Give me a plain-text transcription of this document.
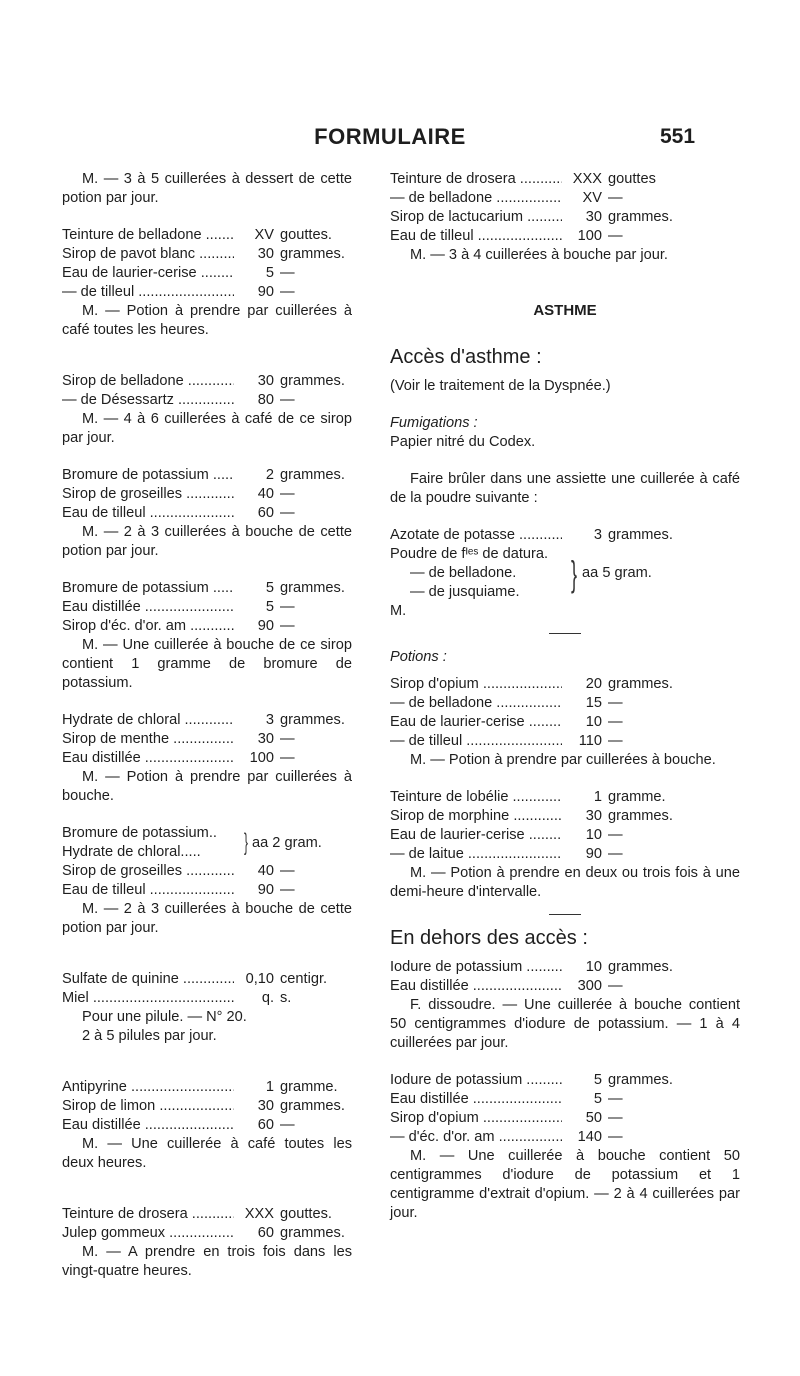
FORMULAIRE	551
M. — 3 à 5 cuillerées à dessert de cette potion par jour.
Teinture de belladone .....	XV gouttes.
Sirop de pavot blanc .....	30 grammes.
Eau de laurier-cerise .....	5 —
— de tilleul .....	90 —
M. — Potion à prendre par cuillerées à café toutes les heures.
Sirop de belladone .....	30 grammes.
— de Désessartz .....	80 —
M. — 4 à 6 cuillerées à café de ce sirop par jour.
Bromure de potassium .....	2 grammes.
Sirop de groseilles .....	40 —
Eau de tilleul .....	60 —
M. — 2 à 3 cuillerées à bouche de cette potion par jour.
Bromure de potassium .....	5 grammes.
Eau distillée .....	5 —
Sirop d'éc. d'or. am .....	90 —
M. — Une cuillerée à bouche de ce sirop contient 1 gramme de bromure de potassium.
Hydrate de chloral .....	3 grammes.
Sirop de menthe .....	30 —
Eau distillée .....	100 —
M. — Potion à prendre par cuillerées à bouche.
Bromure de potassium..
Hydrate de chloral.....	} aa 2 gram.
Sirop de groseilles .....	40 —
Eau de tilleul .....	90 —
M. — 2 à 3 cuillerées à bouche de cette potion par jour.
Sulfate de quinine .....	0,10 centigr.
Miel .....	q. s.
Pour une pilule. — N° 20.
2 à 5 pilules par jour.
Antipyrine .....	1 gramme.
Sirop de limon .....	30 grammes.
Eau distillée .....	60 —
M. — Une cuillerée à café toutes les deux heures.
Teinture de drosera .....	XXX gouttes.
Julep gommeux .....	60 grammes.
M. — A prendre en trois fois dans les vingt-quatre heures.
Teinture de drosera .....	XXX gouttes
— de belladone .....	XV —
Sirop de lactucarium .....	30 grammes.
Eau de tilleul .....	100 —
M. — 3 à 4 cuillerées à bouche par jour.
ASTHME
Accès d'asthme :
(Voir le traitement de la Dyspnée.)
Fumigations :
Papier nitré du Codex.
Faire brûler dans une assiette une cuillerée à café de la poudre suivante :
Azotate de potasse .....	3 grammes.
Poudre de fᴵᵉˢ de datura.
— de belladone.
— de jusquiame.	} aa 5 gram.
M.
Potions :
Sirop d'opium .....	20 grammes.
— de belladone .....	15 —
Eau de laurier-cerise .....	10 —
— de tilleul .....	110 —
M. — Potion à prendre par cuillerées à bouche.
Teinture de lobélie .....	1 gramme.
Sirop de morphine .....	30 grammes.
Eau de laurier-cerise .....	10 —
— de laitue .....	90 —
M. — Potion à prendre en deux ou trois fois à une demi-heure d'intervalle.
En dehors des accès :
Iodure de potassium .....	10 grammes.
Eau distillée .....	300 —
F. dissoudre. — Une cuillerée à bouche contient 50 centigrammes d'iodure de potassium. — 1 à 4 cuillerées par jour.
Iodure de potassium .....	5 grammes.
Eau distillée .....	5 —
Sirop d'opium .....	50 —
— d'éc. d'or. am .....	140 —
M. — Une cuillerée à bouche contient 50 centigrammes d'iodure de potassium et 1 centigramme d'extrait d'opium. — 2 à 4 cuillerées par jour.
